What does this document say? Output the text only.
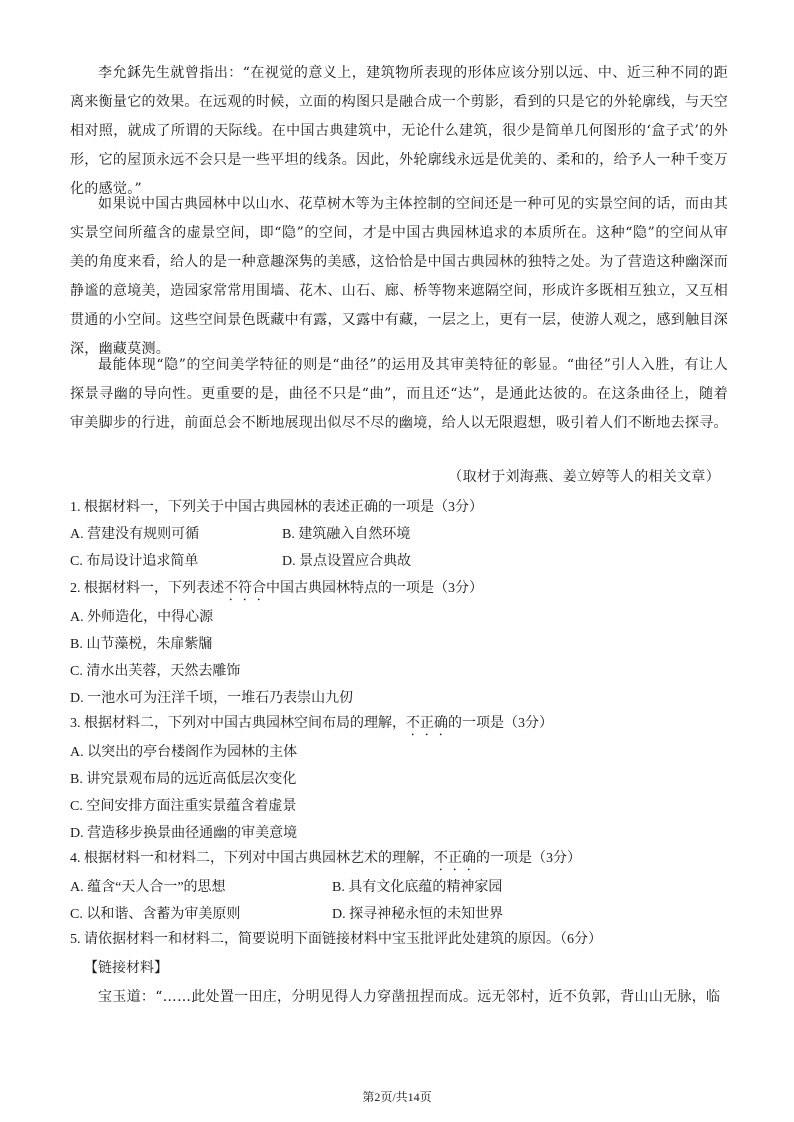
李允鉌先生就曾指出：“在视觉的意义上，建筑物所表现的形体应该分别以远、中、近三种不同的距离来衡量它的效果。在远观的时候，立面的构图只是融合成一个剪影，看到的只是它的外轮廓线，与天空相对照，就成了所谓的天际线。在中国古典建筑中，无论什么建筑，很少是简单几何图形的‘盒子式’的外形，它的屋顶永远不会只是一些平坦的线条。因此，外轮廓线永远是优美的、柔和的，给予人一种千变万化的感觉。”
如果说中国古典园林中以山水、花草树木等为主体控制的空间还是一种可见的实景空间的话，而由其实景空间所蕴含的虚景空间，即“隐”的空间，才是中国古典园林追求的本质所在。这种“隐”的空间从审美的角度来看，给人的是一种意趣深隽的美感，这恰恰是中国古典园林的独特之处。为了营造这种幽深而静谧的意境美，造园家常常用围墙、花木、山石、廊、桥等物来遮隔空间，形成许多既相互独立，又互相贯通的小空间。这些空间景色既藏中有露，又露中有藏，一层之上，更有一层，使游人观之，感到触目深深，幽藏莫测。
最能体现“隐”的空间美学特征的则是“曲径”的运用及其审美特征的彰显。“曲径”引人入胜，有让人探景寻幽的导向性。更重要的是，曲径不只是“曲”，而且还“达”，是通此达彼的。在这条曲径上，随着审美脚步的行进，前面总会不断地展现出似尽不尽的幽境，给人以无限遐想，吸引着人们不断地去探寻。
（取材于刘海燕、姜立婷等人的相关文章）
1. 根据材料一，下列关于中国古典园林的表述正确的一项是（3分）
A. 营建没有规则可循	B. 建筑融入自然环境
C. 布局设计追求简单	D. 景点设置应合典故
2. 根据材料一，下列表述不符合中国古典园林特点的一项是（3分）
A. 外师造化，中得心源
B. 山节藻棁，朱扉紫牖
C. 清水出芙蓉，天然去雕饰
D. 一池水可为汪洋千顷，一堆石乃表崇山九仞
3. 根据材料二，下列对中国古典园林空间布局的理解，不正确的一项是（3分）
A. 以突出的亭台楼阁作为园林的主体
B. 讲究景观布局的远近高低层次变化
C. 空间安排方面注重实景蕴含着虚景
D. 营造移步换景曲径通幽的审美意境
4. 根据材料一和材料二，下列对中国古典园林艺术的理解，不正确的一项是（3分）
A. 蕴含“天人合一”的思想	B. 具有文化底蕴的精神家园
C. 以和谐、含蓄为审美原则	D. 探寻神秘永恒的未知世界
5. 请依据材料一和材料二，简要说明下面链接材料中宝玉批评此处建筑的原因。（6分）
【链接材料】
宝玉道：“……此处置一田庄，分明见得人力穿凿扭捏而成。远无邻村，近不负郭，背山山无脉，临
第2页/共14页
